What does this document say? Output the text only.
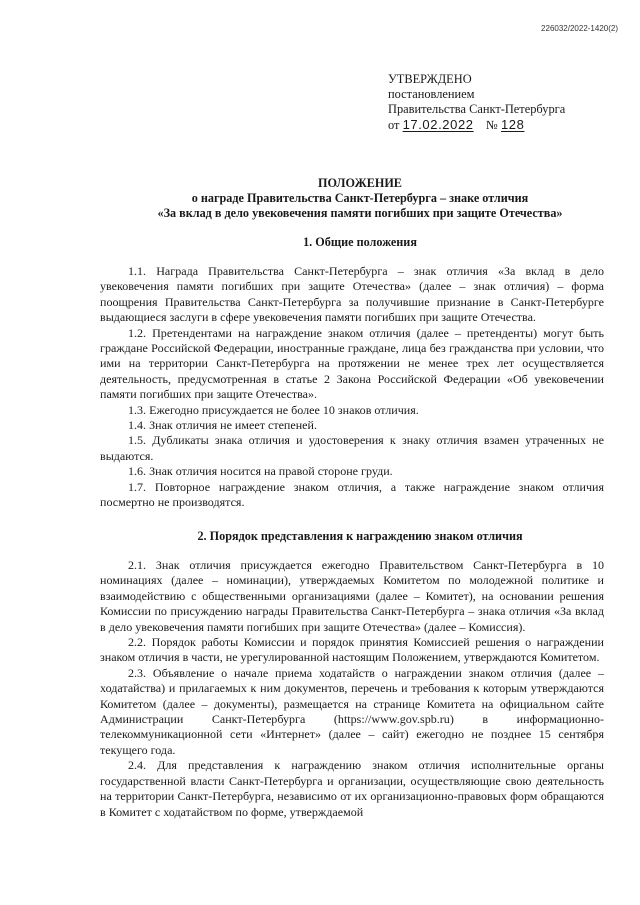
226032/2022-1420(2)
УТВЕРЖДЕНО
постановлением
Правительства Санкт-Петербурга
от 17.02.2022 № 128
ПОЛОЖЕНИЕ
о награде Правительства Санкт-Петербурга – знаке отличия
«За вклад в дело увековечения памяти погибших при защите Отечества»
1. Общие положения

1.1. Награда Правительства Санкт-Петербурга – знак отличия «За вклад в дело увековечения памяти погибших при защите Отечества» (далее – знак отличия) – форма поощрения Правительства Санкт-Петербурга за получившие признание в Санкт-Петербурге выдающиеся заслуги в сфере увековечения памяти погибших при защите Отечества.

1.2. Претендентами на награждение знаком отличия (далее – претенденты) могут быть граждане Российской Федерации, иностранные граждане, лица без гражданства при условии, что ими на территории Санкт-Петербурга на протяжении не менее трех лет осуществляется деятельность, предусмотренная в статье 2 Закона Российской Федерации «Об увековечении памяти погибших при защите Отечества».

1.3. Ежегодно присуждается не более 10 знаков отличия.

1.4. Знак отличия не имеет степеней.

1.5. Дубликаты знака отличия и удостоверения к знаку отличия взамен утраченных не выдаются.

1.6. Знак отличия носится на правой стороне груди.

1.7. Повторное награждение знаком отличия, а также награждение знаком отличия посмертно не производятся.

2. Порядок представления к награждению знаком отличия

2.1. Знак отличия присуждается ежегодно Правительством Санкт-Петербурга в 10 номинациях (далее – номинации), утверждаемых Комитетом по молодежной политике и взаимодействию с общественными организациями (далее – Комитет), на основании решения Комиссии по присуждению награды Правительства Санкт-Петербурга – знака отличия «За вклад в дело увековечения памяти погибших при защите Отечества» (далее – Комиссия).

2.2. Порядок работы Комиссии и порядок принятия Комиссией решения о награждении знаком отличия в части, не урегулированной настоящим Положением, утверждаются Комитетом.

2.3. Объявление о начале приема ходатайств о награждении знаком отличия (далее – ходатайства) и прилагаемых к ним документов, перечень и требования к которым утверждаются Комитетом (далее – документы), размещается на странице Комитета на официальном сайте Администрации Санкт-Петербурга (https://www.gov.spb.ru) в информационно-телекоммуникационной сети «Интернет» (далее – сайт) ежегодно не позднее 15 сентября текущего года.

2.4. Для представления к награждению знаком отличия исполнительные органы государственной власти Санкт-Петербурга и организации, осуществляющие свою деятельность на территории Санкт-Петербурга, независимо от их организационно-правовых форм обращаются в Комитет с ходатайством по форме, утверждаемой
